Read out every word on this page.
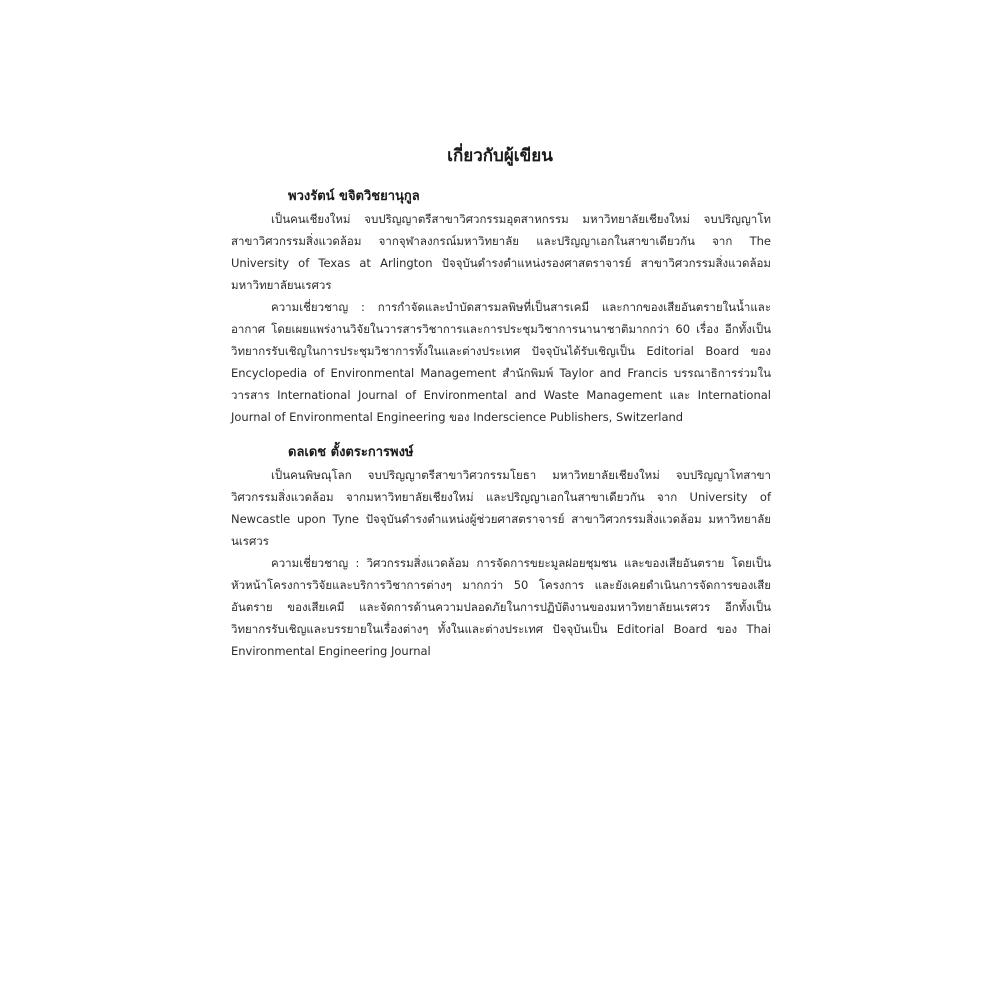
เกี่ยวกับผู้เขียน
พวงรัตน์ ขจิตวิชยานุกูล

เป็นคนเชียงใหม่ จบปริญญาตรีสาขาวิศวกรรมอุตสาหกรรม มหาวิทยาลัยเชียงใหม่ จบปริญญาโท สาขาวิศวกรรมสิ่งแวดล้อม จากจุฬาลงกรณ์มหาวิทยาลัย และปริญญาเอกในสาขาเดียวกัน จาก The University of Texas at Arlington ปัจจุบันดำรงตำแหน่งรองศาสตราจารย์ สาขาวิศวกรรมสิ่งแวดล้อม มหาวิทยาลัยนเรศวร

ความเชี่ยวชาญ : การกำจัดและบำบัดสารมลพิษที่เป็นสารเคมี และกากของเสียอันตรายในน้ำและอากาศ โดยเผยแพร่งานวิจัยในวารสารวิชาการและการประชุมวิชาการนานาชาติมากกว่า 60 เรื่อง อีกทั้งเป็นวิทยากรรับเชิญในการประชุมวิชาการทั้งในและต่างประเทศ ปัจจุบันได้รับเชิญเป็น Editorial Board ของ Encyclopedia of Environmental Management สำนักพิมพ์ Taylor and Francis บรรณาธิการร่วมในวารสาร International Journal of Environmental and Waste Management และ International Journal of Environmental Engineering ของ Inderscience Publishers, Switzerland

ดลเดช ตั้งตระการพงษ์

เป็นคนพิษณุโลก จบปริญญาตรีสาขาวิศวกรรมโยธา มหาวิทยาลัยเชียงใหม่ จบปริญญาโทสาขาวิศวกรรมสิ่งแวดล้อม จากมหาวิทยาลัยเชียงใหม่ และปริญญาเอกในสาขาเดียวกัน จาก University of Newcastle upon Tyne ปัจจุบันดำรงตำแหน่งผู้ช่วยศาสตราจารย์ สาขาวิศวกรรมสิ่งแวดล้อม มหาวิทยาลัยนเรศวร

ความเชี่ยวชาญ : วิศวกรรมสิ่งแวดล้อม การจัดการขยะมูลฝอยชุมชน และของเสียอันตราย โดยเป็นหัวหน้าโครงการวิจัยและบริการวิชาการต่างๆ มากกว่า 50 โครงการ และยังเคยดำเนินการจัดการของเสียอันตราย ของเสียเคมี และจัดการด้านความปลอดภัยในการปฏิบัติงานของมหาวิทยาลัยนเรศวร อีกทั้งเป็นวิทยากรรับเชิญและบรรยายในเรื่องต่างๆ ทั้งในและต่างประเทศ ปัจจุบันเป็น Editorial Board ของ Thai Environmental Engineering Journal
